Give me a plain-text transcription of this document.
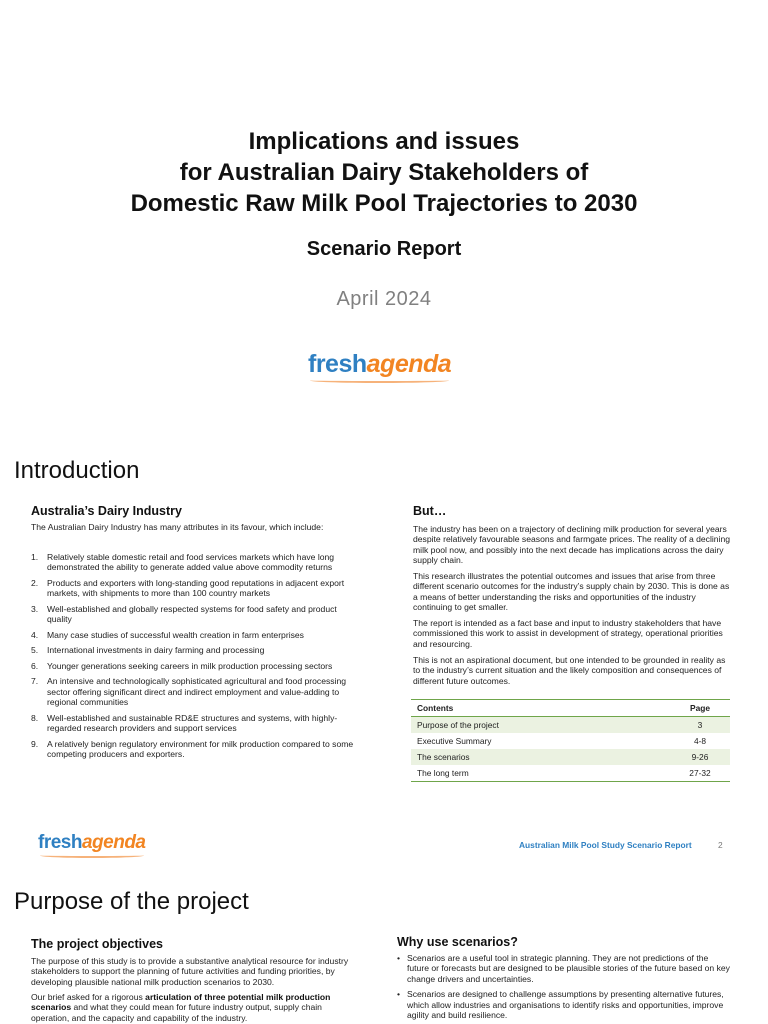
Implications and issues
for Australian Dairy Stakeholders of
Domestic Raw Milk Pool Trajectories to 2030
Scenario Report
April 2024
freshagenda
Introduction
Australia’s Dairy Industry

The Australian Dairy Industry has many attributes in its favour, which include:

1. Relatively stable domestic retail and food services markets which have long demonstrated the ability to generate added value above commodity returns
2. Products and exporters with long-standing good reputations in adjacent export markets, with shipments to more than 100 country markets
3. Well-established and globally respected systems for food safety and product quality
4. Many case studies of successful wealth creation in farm enterprises
5. International investments in dairy farming and processing
6. Younger generations seeking careers in milk production processing sectors
7. An intensive and technologically sophisticated agricultural and food processing sector offering significant direct and indirect employment and value-adding to regional communities
8. Well-established and sustainable RD&E structures and systems, with highly-regarded research providers and support services
9. A relatively benign regulatory environment for milk production compared to some competing producers and exporters.
But…

The industry has been on a trajectory of declining milk production for several years despite relatively favourable seasons and farmgate prices. The reality of a declining milk pool now, and possibly into the next decade has implications across the dairy supply chain.

This research illustrates the potential outcomes and issues that arise from three different scenario outcomes for the industry’s supply chain by 2030. This is done as a means of better understanding the risks and opportunities of the industry continuing to get smaller.

The report is intended as a fact base and input to industry stakeholders that have commissioned this work to assist in development of strategy, operational priorities and resourcing.

This is not an aspirational document, but one intended to be grounded in reality as to the industry’s current situation and the likely composition and consequences of different future outcomes.

Contents	Page
Purpose of the project	3
Executive Summary	4-8
The scenarios	9-26
The long term	27-32
freshagenda	Australian Milk Pool Study Scenario Report	2
Purpose of the project
The project objectives

The purpose of this study is to provide a substantive analytical resource for industry stakeholders to support the planning of future activities and funding priorities, by developing plausible national milk production scenarios to 2030.

Our brief asked for a rigorous articulation of three potential milk production scenarios and what they could mean for future industry output, supply chain operation, and the capacity and capability of the industry.

Why use scenarios?
• Scenarios are a useful tool in strategic planning. They are not predictions of the future or forecasts but are designed to be plausible stories of the future based on key change drivers and uncertainties.
• Scenarios are designed to challenge assumptions by presenting alternative futures, which allow industries and organisations to identify risks and opportunities, improve agility and build resilience.
